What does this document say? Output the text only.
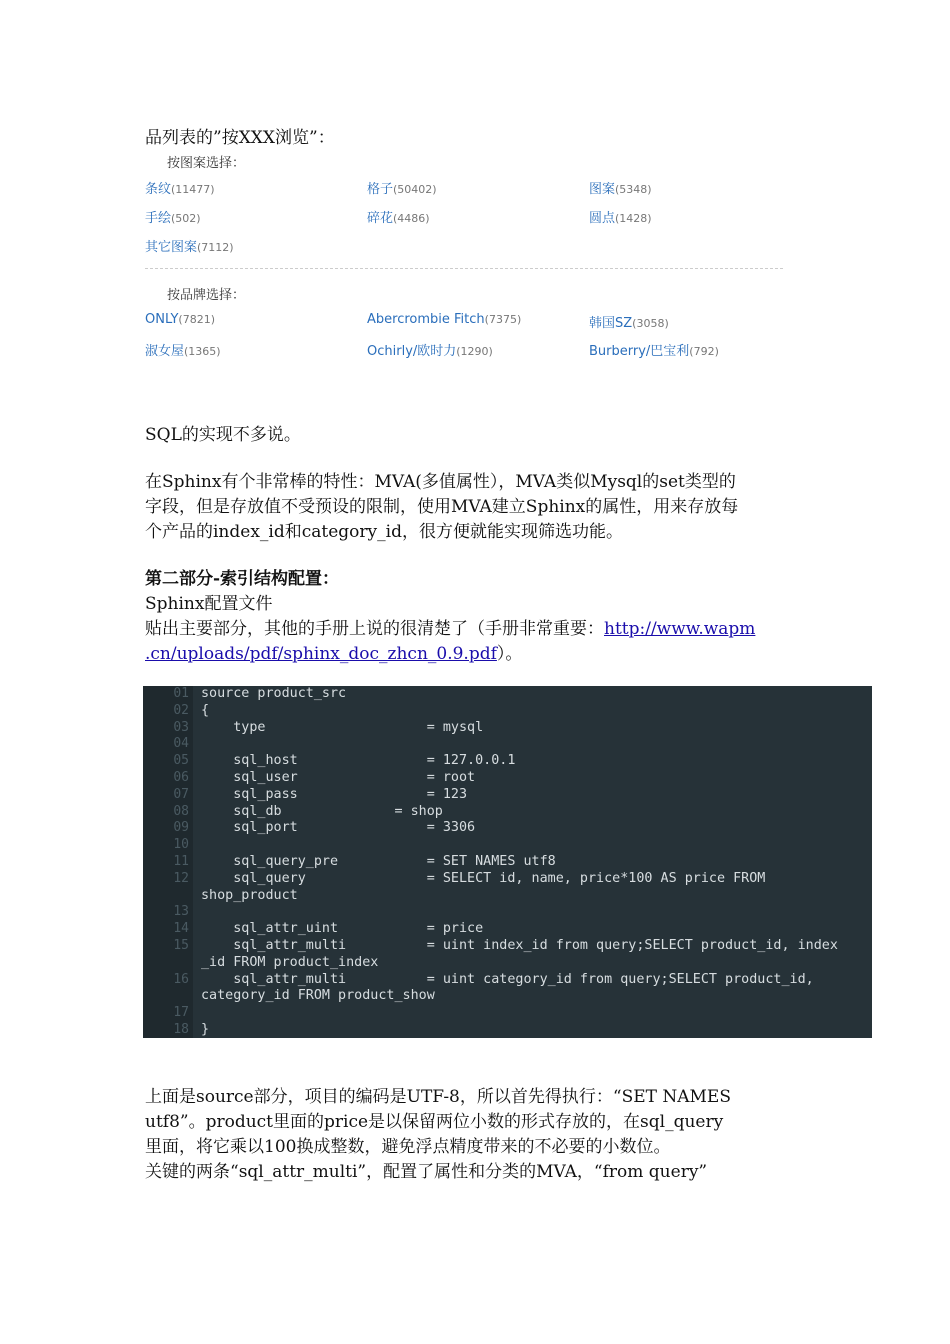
品列表的”按XXX浏览”：

按图案选择：
条纹(11477)	格子(50402)	图案(5348)
手绘(502)	碎花(4486)	圆点(1428)
其它图案(7112)
按品牌选择：
ONLY(7821)	Abercrombie Fitch(7375)	韩国SZ(3058)
淑女屋(1365)	Ochirly/欧时力(1290)	Burberry/巴宝利(792)

SQL的实现不多说。

在Sphinx有个非常棒的特性：MVA(多值属性），MVA类似Mysql的set类型的

字段，但是存放值不受预设的限制，使用MVA建立Sphinx的属性，用来存放每

个产品的index_id和category_id，很方便就能实现筛选功能。

第二部分-索引结构配置：

Sphinx配置文件

贴出主要部分，其他的手册上说的很清楚了（手册非常重要：http://www.wapm

.cn/uploads/pdf/sphinx_doc_zhcn_0.9.pdf）。

01
02
03
04
05
06
07
08
09
10
11
12
13
14
15
16
17
18
source product_src
{
type                    = mysql
sql_host                = 127.0.0.1
sql_user                = root
sql_pass                = 123
sql_db              = shop
sql_port                = 3306
sql_query_pre           = SET NAMES utf8
sql_query               = SELECT id, name, price*100 AS price FROM
shop_product
sql_attr_uint           = price
sql_attr_multi          = uint index_id from query;SELECT product_id, index
_id FROM product_index
sql_attr_multi          = uint category_id from query;SELECT product_id,
category_id FROM product_show
}

上面是source部分，项目的编码是UTF-8，所以首先得执行：“SET NAMES

utf8”。product里面的price是以保留两位小数的形式存放的，在sql_query

里面，将它乘以100换成整数，避免浮点精度带来的不必要的小数位。

关键的两条“sql_attr_multi”，配置了属性和分类的MVA，“from query”
